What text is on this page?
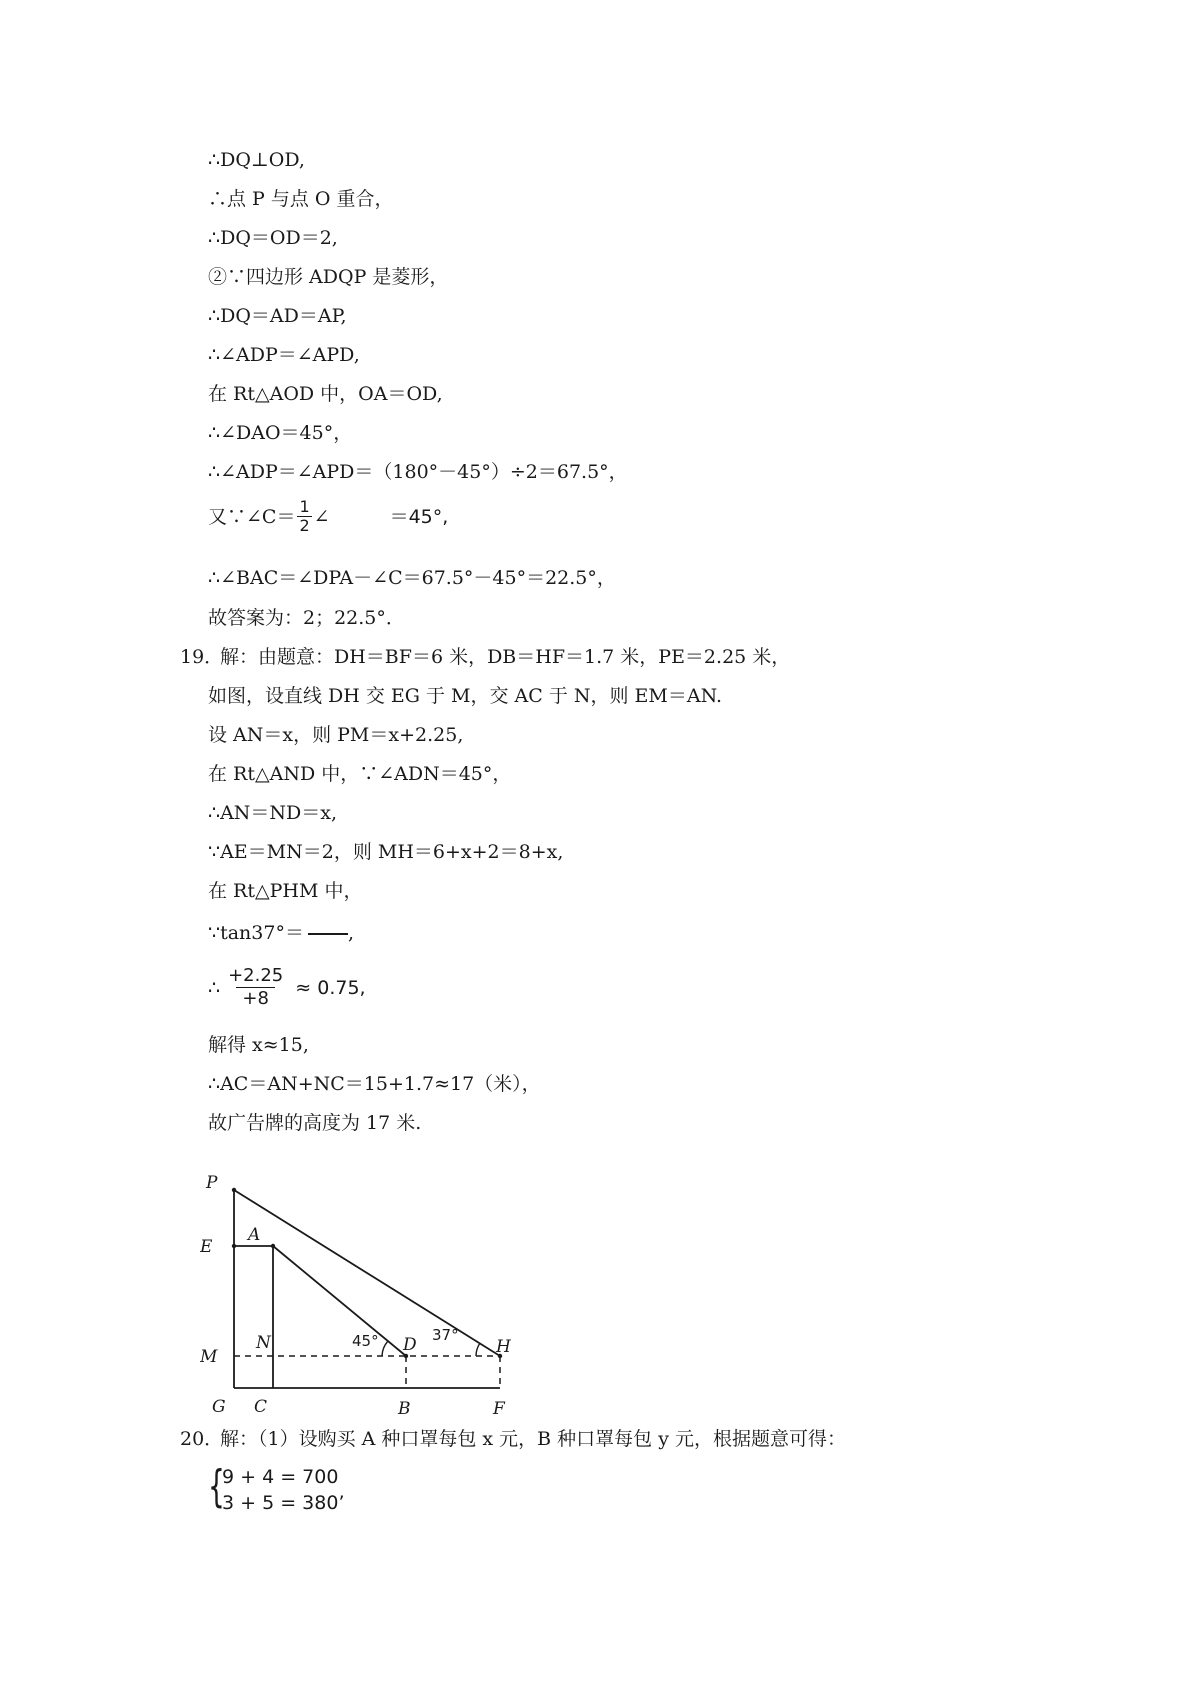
∴DQ⊥OD,
∴点 P 与点 O 重合，
∴DQ＝OD＝2,
②∵四边形 ADQP 是菱形，
∴DQ＝AD＝AP,
∴∠ADP＝∠APD,
在 Rt△AOD 中，OA＝OD,
∴∠DAO＝45°，
∴∠ADP＝∠APD＝（180°－45°）÷2＝67.5°，
又∵∠C＝ $\frac{1}{2}$ ∠	＝45°,
∴∠BAC＝∠DPA－∠C＝67.5°－45°＝22.5°，
故答案为：2；22.5°．
19．
解：由题意：DH＝BF＝6 米，DB＝HF＝1.7 米，PE＝2.25 米，
如图，设直线 DH 交 EG 于 M，交 AC 于 N，则 EM＝AN.
设 AN＝x，则 PM＝x+2.25,
在 Rt△AND 中，∵∠ADN＝45°，
∴AN＝ND＝x,
∵AE＝MN＝2，则 MH＝6+x+2＝8+x,
在 Rt△PHM 中，
∵tan37°＝ ,
∴ $\frac{+2.25}{+8} \approx 0.75$,
解得 x≈15,
∴AC＝AN+NC＝15+1.7≈17（米），
故广告牌的高度为 17 米.
P
E
A
M
N	D	H
G C	B	F
45°	37°
20．
解：（1）设购买 A 种口罩每包 x 元，B 种口罩每包 y 元，根据题意可得：
{
9 + 4 = 700
3 + 5 = 380’
